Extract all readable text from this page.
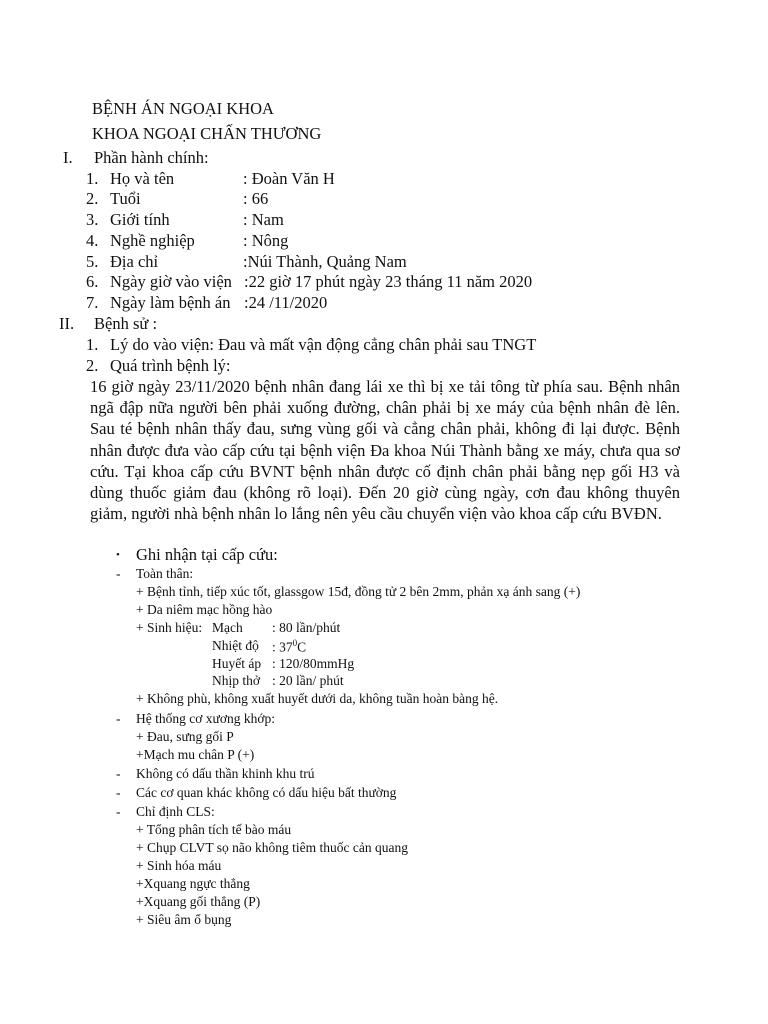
BỆNH ÁN NGOẠI KHOA
KHOA NGOẠI CHẤN THƯƠNG
I. Phần hành chính:
1. Họ và tên	: Đoàn Văn H
2. Tuổi	: 66
3. Giới tính	: Nam
4. Nghề nghiệp	: Nông
5. Địa chỉ	:Núi Thành, Quảng Nam
6. Ngày giờ vào viện :22 giờ 17 phút ngày 23 tháng 11 năm 2020
7. Ngày làm bệnh án :24 /11/2020
II. Bệnh sử :
1. Lý do vào viện: Đau và mất vận động cẳng chân phải sau TNGT
2. Quá trình bệnh lý:
16 giờ ngày 23/11/2020 bệnh nhân đang lái xe thì bị xe tải tông từ phía sau. Bệnh nhân ngã đập nữa người bên phải xuống đường, chân phải bị xe máy của bệnh nhân đè lên. Sau té bệnh nhân thấy đau, sưng vùng gối và cẳng chân phải, không đi lại được. Bệnh nhân được đưa vào cấp cứu tại bệnh viện Đa khoa Núi Thành bằng xe máy, chưa qua sơ cứu. Tại khoa cấp cứu BVNT bệnh nhân được cố định chân phải bằng nẹp gối H3 và dùng thuốc giảm đau (không rõ loại). Đến 20 giờ cùng ngày, cơn đau không thuyên giảm, người nhà bệnh nhân lo lắng nên yêu cầu chuyển viện vào khoa cấp cứu BVĐN.
• Ghi nhận tại cấp cứu:
- Toàn thân:
+ Bệnh tỉnh, tiếp xúc tốt, glassgow 15đ, đồng tử 2 bên 2mm, phản xạ ánh sang (+)
+ Da niêm mạc hồng hào
+ Sinh hiệu: Mạch : 80 lần/phút
Nhiệt độ : $37^0C$
Huyết áp : 120/80mmHg
Nhịp thở : 20 lần/ phút
+ Không phù, không xuất huyết dưới da, không tuần hoàn bàng hệ.
- Hệ thống cơ xương khớp:
+ Đau, sưng gối P
+Mạch mu chân P (+)
- Không có dấu thần khinh khu trú
- Các cơ quan khác không có dấu hiệu bất thường
- Chỉ định CLS:
+ Tổng phân tích tế bào máu
+ Chụp CLVT sọ não không tiêm thuốc cản quang
+ Sinh hóa máu
+Xquang ngực thẳng
+Xquang gối thẳng (P)
+ Siêu âm ổ bụng
